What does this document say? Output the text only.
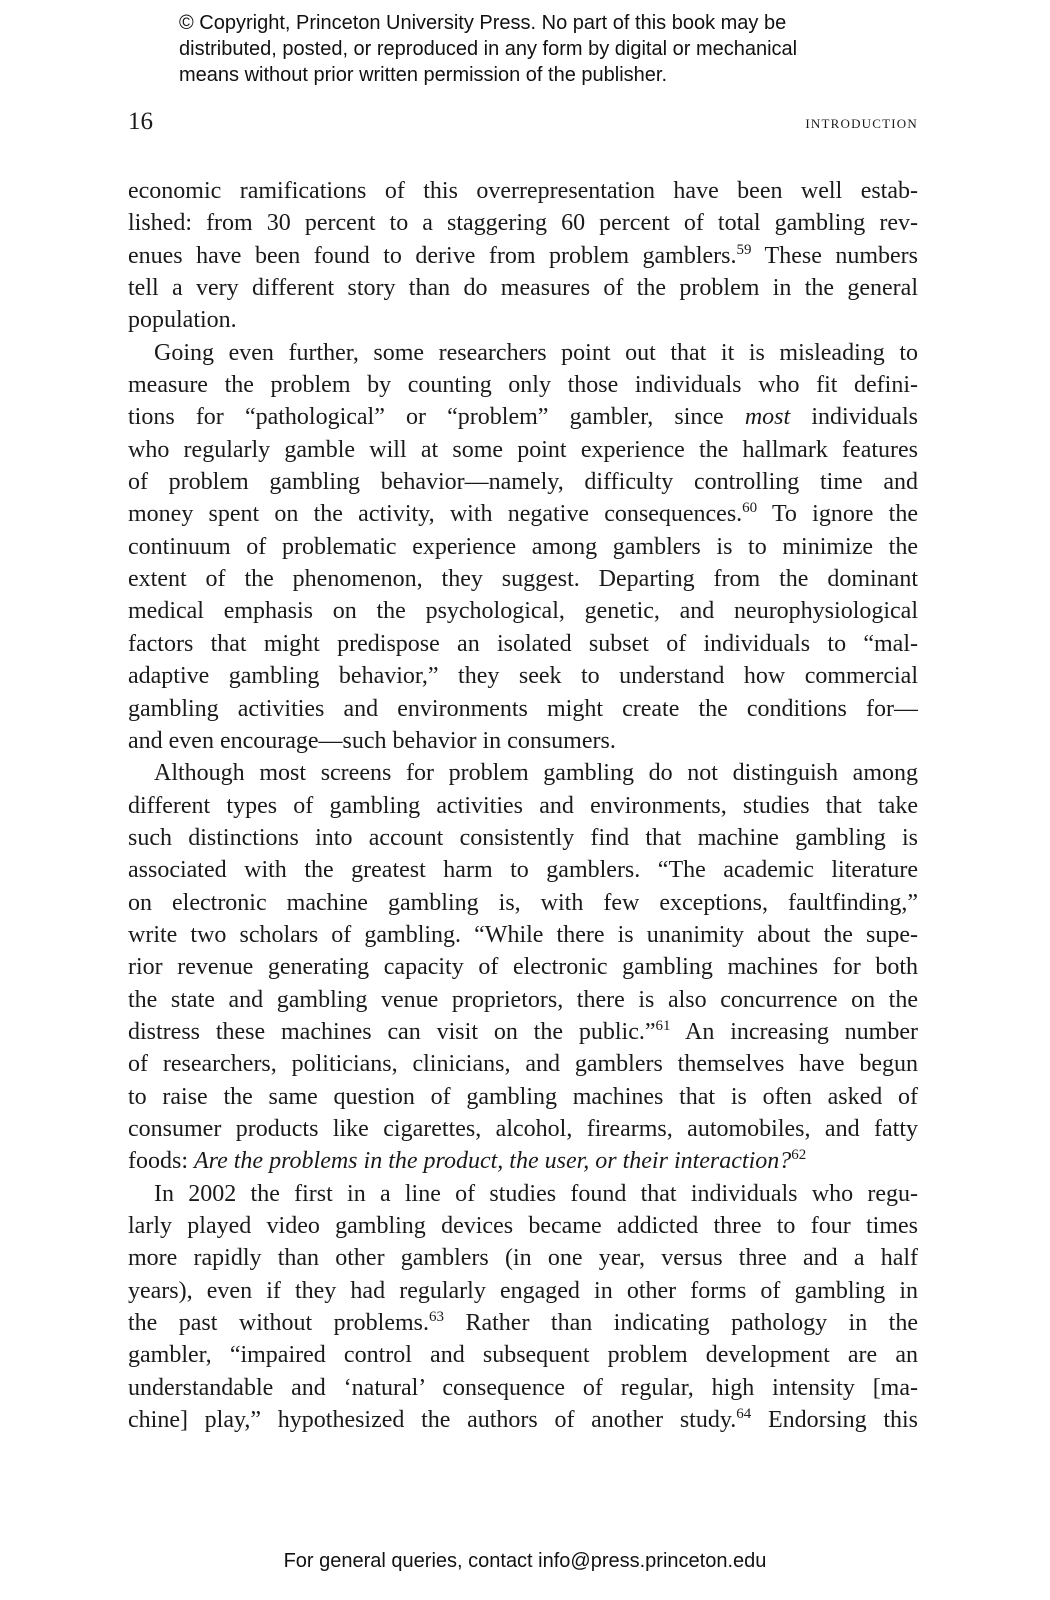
© Copyright, Princeton University Press. No part of this book may be
distributed, posted, or reproduced in any form by digital or mechanical
means without prior written permission of the publisher.
16	introduction
economic ramifications of this overrepresentation have been well estab-
lished: from 30 percent to a staggering 60 percent of total gambling rev-
enues have been found to derive from problem gamblers.$^{59}$ These numbers
tell a very different story than do measures of the problem in the general
population.
Going even further, some researchers point out that it is misleading to
measure the problem by counting only those individuals who fit defini-
tions for “pathological” or “problem” gambler, since most individuals
who regularly gamble will at some point experience the hallmark features
of problem gambling behavior—namely, difficulty controlling time and
money spent on the activity, with negative consequences.$^{60}$ To ignore the
continuum of problematic experience among gamblers is to minimize the
extent of the phenomenon, they suggest. Departing from the dominant
medical emphasis on the psychological, genetic, and neurophysiological
factors that might predispose an isolated subset of individuals to “mal-
adaptive gambling behavior,” they seek to understand how commercial
gambling activities and environments might create the conditions for—
and even encourage—such behavior in consumers.
Although most screens for problem gambling do not distinguish among
different types of gambling activities and environments, studies that take
such distinctions into account consistently find that machine gambling is
associated with the greatest harm to gamblers. “The academic literature
on electronic machine gambling is, with few exceptions, faultfinding,”
write two scholars of gambling. “While there is unanimity about the supe-
rior revenue generating capacity of electronic gambling machines for both
the state and gambling venue proprietors, there is also concurrence on the
distress these machines can visit on the public.”$^{61}$ An increasing number
of researchers, politicians, clinicians, and gamblers themselves have begun
to raise the same question of gambling machines that is often asked of
consumer products like cigarettes, alcohol, firearms, automobiles, and fatty
foods: Are the problems in the product, the user, or their interaction?$^{62}$
In 2002 the first in a line of studies found that individuals who regu-
larly played video gambling devices became addicted three to four times
more rapidly than other gamblers (in one year, versus three and a half
years), even if they had regularly engaged in other forms of gambling in
the past without problems.$^{63}$ Rather than indicating pathology in the
gambler, “impaired control and subsequent problem development are an
understandable and ‘natural’ consequence of regular, high intensity [ma-
chine] play,” hypothesized the authors of another study.$^{64}$ Endorsing this
For general queries, contact info@press.princeton.edu
